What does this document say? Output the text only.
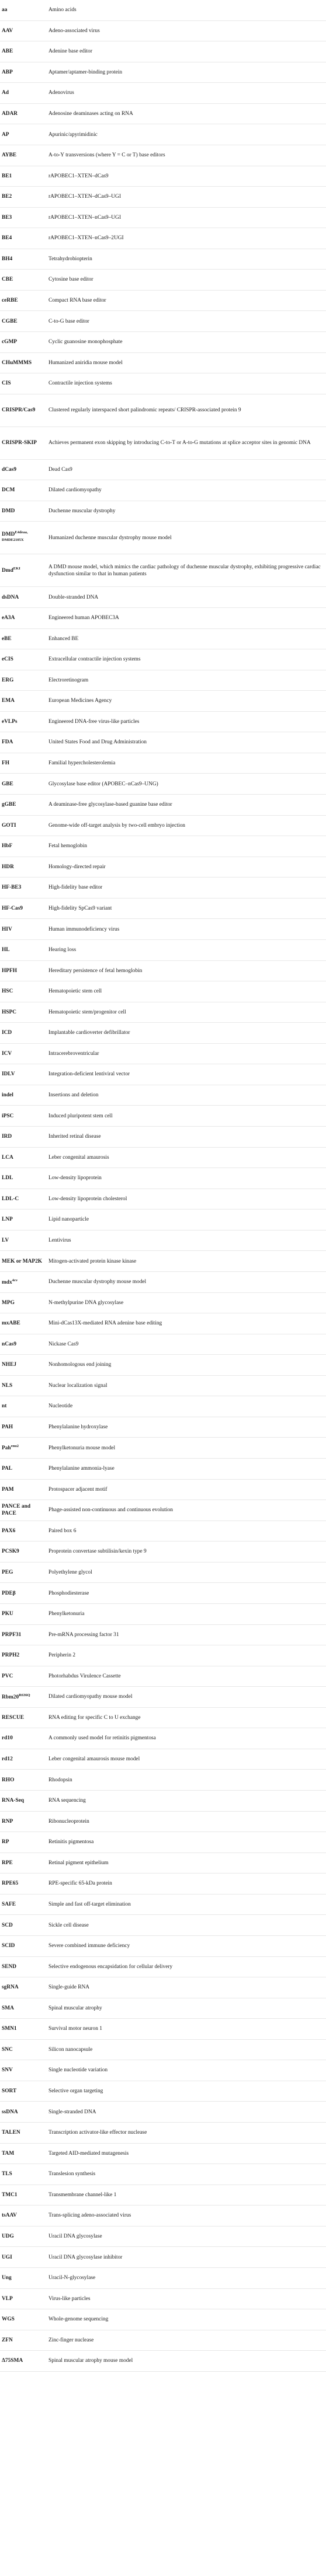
aa	Amino acids
AAV	Adeno-associated virus
ABE	Adenine base editor
ABP	Aptamer/aptamer-binding protein
Ad	Adenovirus
ADAR	Adenosine deaminases acting on RNA
AP	Apurinic/apyrimidinic
AYBE	A-to-Y transversions (where Y = C or T) base editors
BE1	rAPOBEC1–XTEN–dCas9
BE2	rAPOBEC1–XTEN–dCas9–UGI
BE3	rAPOBEC1–XTEN–nCas9–UGI
BE4	rAPOBEC1–XTEN–nCas9–2UGI
BH4	Tetrahydrobiopterin
CBE	Cytosine base editor
ceRBE	Compact RNA base editor
CGBE	C-to-G base editor
cGMP	Cyclic guanosine monophosphate
CHuMMMS	Humanized aniridia mouse model
CIS	Contractile injection systems
CRISPR/Cas9	Clustered regularly interspaced short palindromic repeats/ CRISPR-associated protein 9
CRISPR-SKIP	Achieves permanent exon skipping by introducing C-to-T or A-to-G mutations at splice acceptor sites in genomic DNA
dCas9	Dead Cas9
DCM	Dilated cardiomyopathy
DMD	Duchenne muscular dystrophy
$DMD^{E4deaa, DMDE2105X}$	Humanized duchenne muscular dystrophy mouse model
Dmd$^{EKI}$	A DMD mouse model, which mimics the cardiac pathology of duchenne muscular dystrophy, exhibiting progressive cardiac dysfunction similar to that in human patients
dsDNA	Double-stranded DNA
eA3A	Engineered human APOBEC3A
eBE	Enhanced BE
eCIS	Extracellular contractile injection systems
ERG	Electroretinogram
EMA	European Medicines Agency
eVLPs	Engineered DNA-free virus-like particles
FDA	United States Food and Drug Administration
FH	Familial hypercholesterolemia
GBE	Glycosylase base editor (APOBEC–nCas9–UNG)
gGBE	A deaminase-free glycosylase-based guanine base editor
GOTI	Genome-wide off-target analysis by two-cell embryo injection
HbF	Fetal hemoglobin
HDR	Homology-directed repair
HF-BE3	High-fidelity base editor
HF-Cas9	High-fidelity SpCas9 variant
HIV	Human immunodeficiency virus
HL	Hearing loss
HPFH	Hereditary persistence of fetal hemoglobin
HSC	Hematopoietic stem cell
HSPC	Hematopoietic stem/progenitor cell
ICD	Implantable cardioverter defibrillator
ICV	Intracerebroventricular
IDLV	Integration-deficient lentiviral vector
indel	Insertions and deletion
iPSC	Induced pluripotent stem cell
IRD	Inherited retinal disease
LCA	Leber congenital amaurosis
LDL	Low-density lipoprotein
LDL-C	Low-density lipoprotein cholesterol
LNP	Lipid nanoparticle
LV	Lentivirus
MEK or MAP2K	Mitogen-activated protein kinase kinase
mdx$^{4cv}$	Duchenne muscular dystrophy mouse model
MPG	N-methylpurine DNA glycosylase
mxABE	Mini-dCas13X-mediated RNA adenine base editing
nCas9	Nickase Cas9
NHEJ	Nonhomologous end joining
NLS	Nuclear localization signal
nt	Nucleotide
PAH	Phenylalanine hydroxylase
Pah$^{enu2}$	Phenylketonuria mouse model
PAL	Phenylalanine ammonia-lyase
PAM	Protospacer adjacent motif
PANCE and PACE	Phage-assisted non-continuous and continuous evolution
PAX6	Paired box 6
PCSK9	Proprotein convertase subtilisin/kexin type 9
PEG	Polyethylene glycol
PDEβ	Phosphodiesterase
PKU	Phenylketonuria
PRPF31	Pre-mRNA processing factor 31
PRPH2	Peripherin 2
PVC	Photorhabdus Virulence Cassette
$Rbm20^{R636Q}$	Dilated cardiomyopathy mouse model
RESCUE	RNA editing for specific C to U exchange
rd10	A commonly used model for retinitis pigmentosa
rd12	Leber congenital amaurosis mouse model
RHO	Rhodopsin
RNA-Seq	RNA sequencing
RNP	Ribonucleoprotein
RP	Retinitis pigmentosa
RPE	Retinal pigment epithelium
RPE65	RPE-specific 65-kDa protein
SAFE	Simple and fast off-target elimination
SCD	Sickle cell disease
SCID	Severe combined immune deficiency
SEND	Selective endogenous encapsidation for cellular delivery
sgRNA	Single-guide RNA
SMA	Spinal muscular atrophy
SMN1	Survival motor neuron 1
SNC	Silicon nanocapsule
SNV	Single nucleotide variation
SORT	Selective organ targeting
ssDNA	Single-stranded DNA
TALEN	Transcription activator-like effector nuclease
TAM	Targeted AID-mediated mutagenesis
TLS	Translesion synthesis
TMC1	Transmembrane channel-like 1
tsAAV	Trans-splicing adeno-associated virus
UDG	Uracil DNA glycosylase
UGI	Uracil DNA glycosylase inhibitor
Ung	Uracil-N-glycosylase
VLP	Virus-like particles
WGS	Whole-genome sequencing
ZFN	Zinc-finger nuclease
Δ75SMA	Spinal muscular atrophy mouse model
